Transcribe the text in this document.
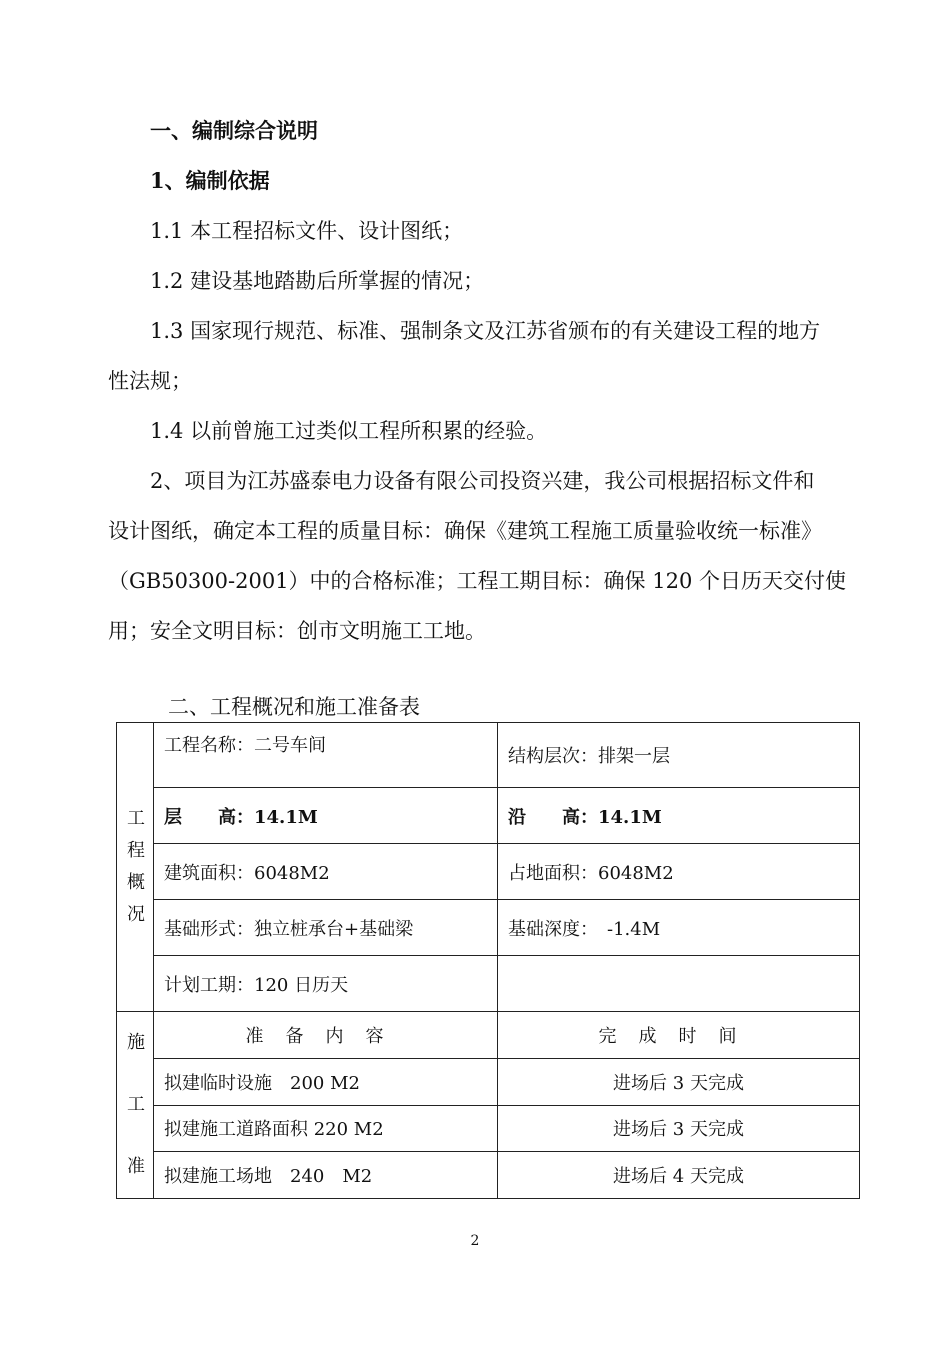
一、编制综合说明
1、编制依据
1.1 本工程招标文件、设计图纸；
1.2 建设基地踏勘后所掌握的情况；
1.3 国家现行规范、标准、强制条文及江苏省颁布的有关建设工程的地方
性法规；
1.4 以前曾施工过类似工程所积累的经验。
2、项目为江苏盛泰电力设备有限公司投资兴建，我公司根据招标文件和
设计图纸，确定本工程的质量目标：确保《建筑工程施工质量验收统一标准》
（GB50300-2001）中的合格标准；工程工期目标：确保 120 个日历天交付使
用；安全文明目标：创市文明施工工地。
二、工程概况和施工准备表
工
程
概
况	工程名称：二号车间	结构层次：排架一层
	层　　高：14.1M	沿　　高：14.1M
	建筑面积：6048M2	占地面积：6048M2
	基础形式：独立桩承台+基础梁	基础深度：　-1.4M
	计划工期：120 日历天	

施
工
准	准备内容	完成时间
	拟建临时设施　200 M2	进场后 3 天完成
	拟建施工道路面积 220 M2	进场后 3 天完成
	拟建施工场地　240　M2	进场后 4 天完成
2
